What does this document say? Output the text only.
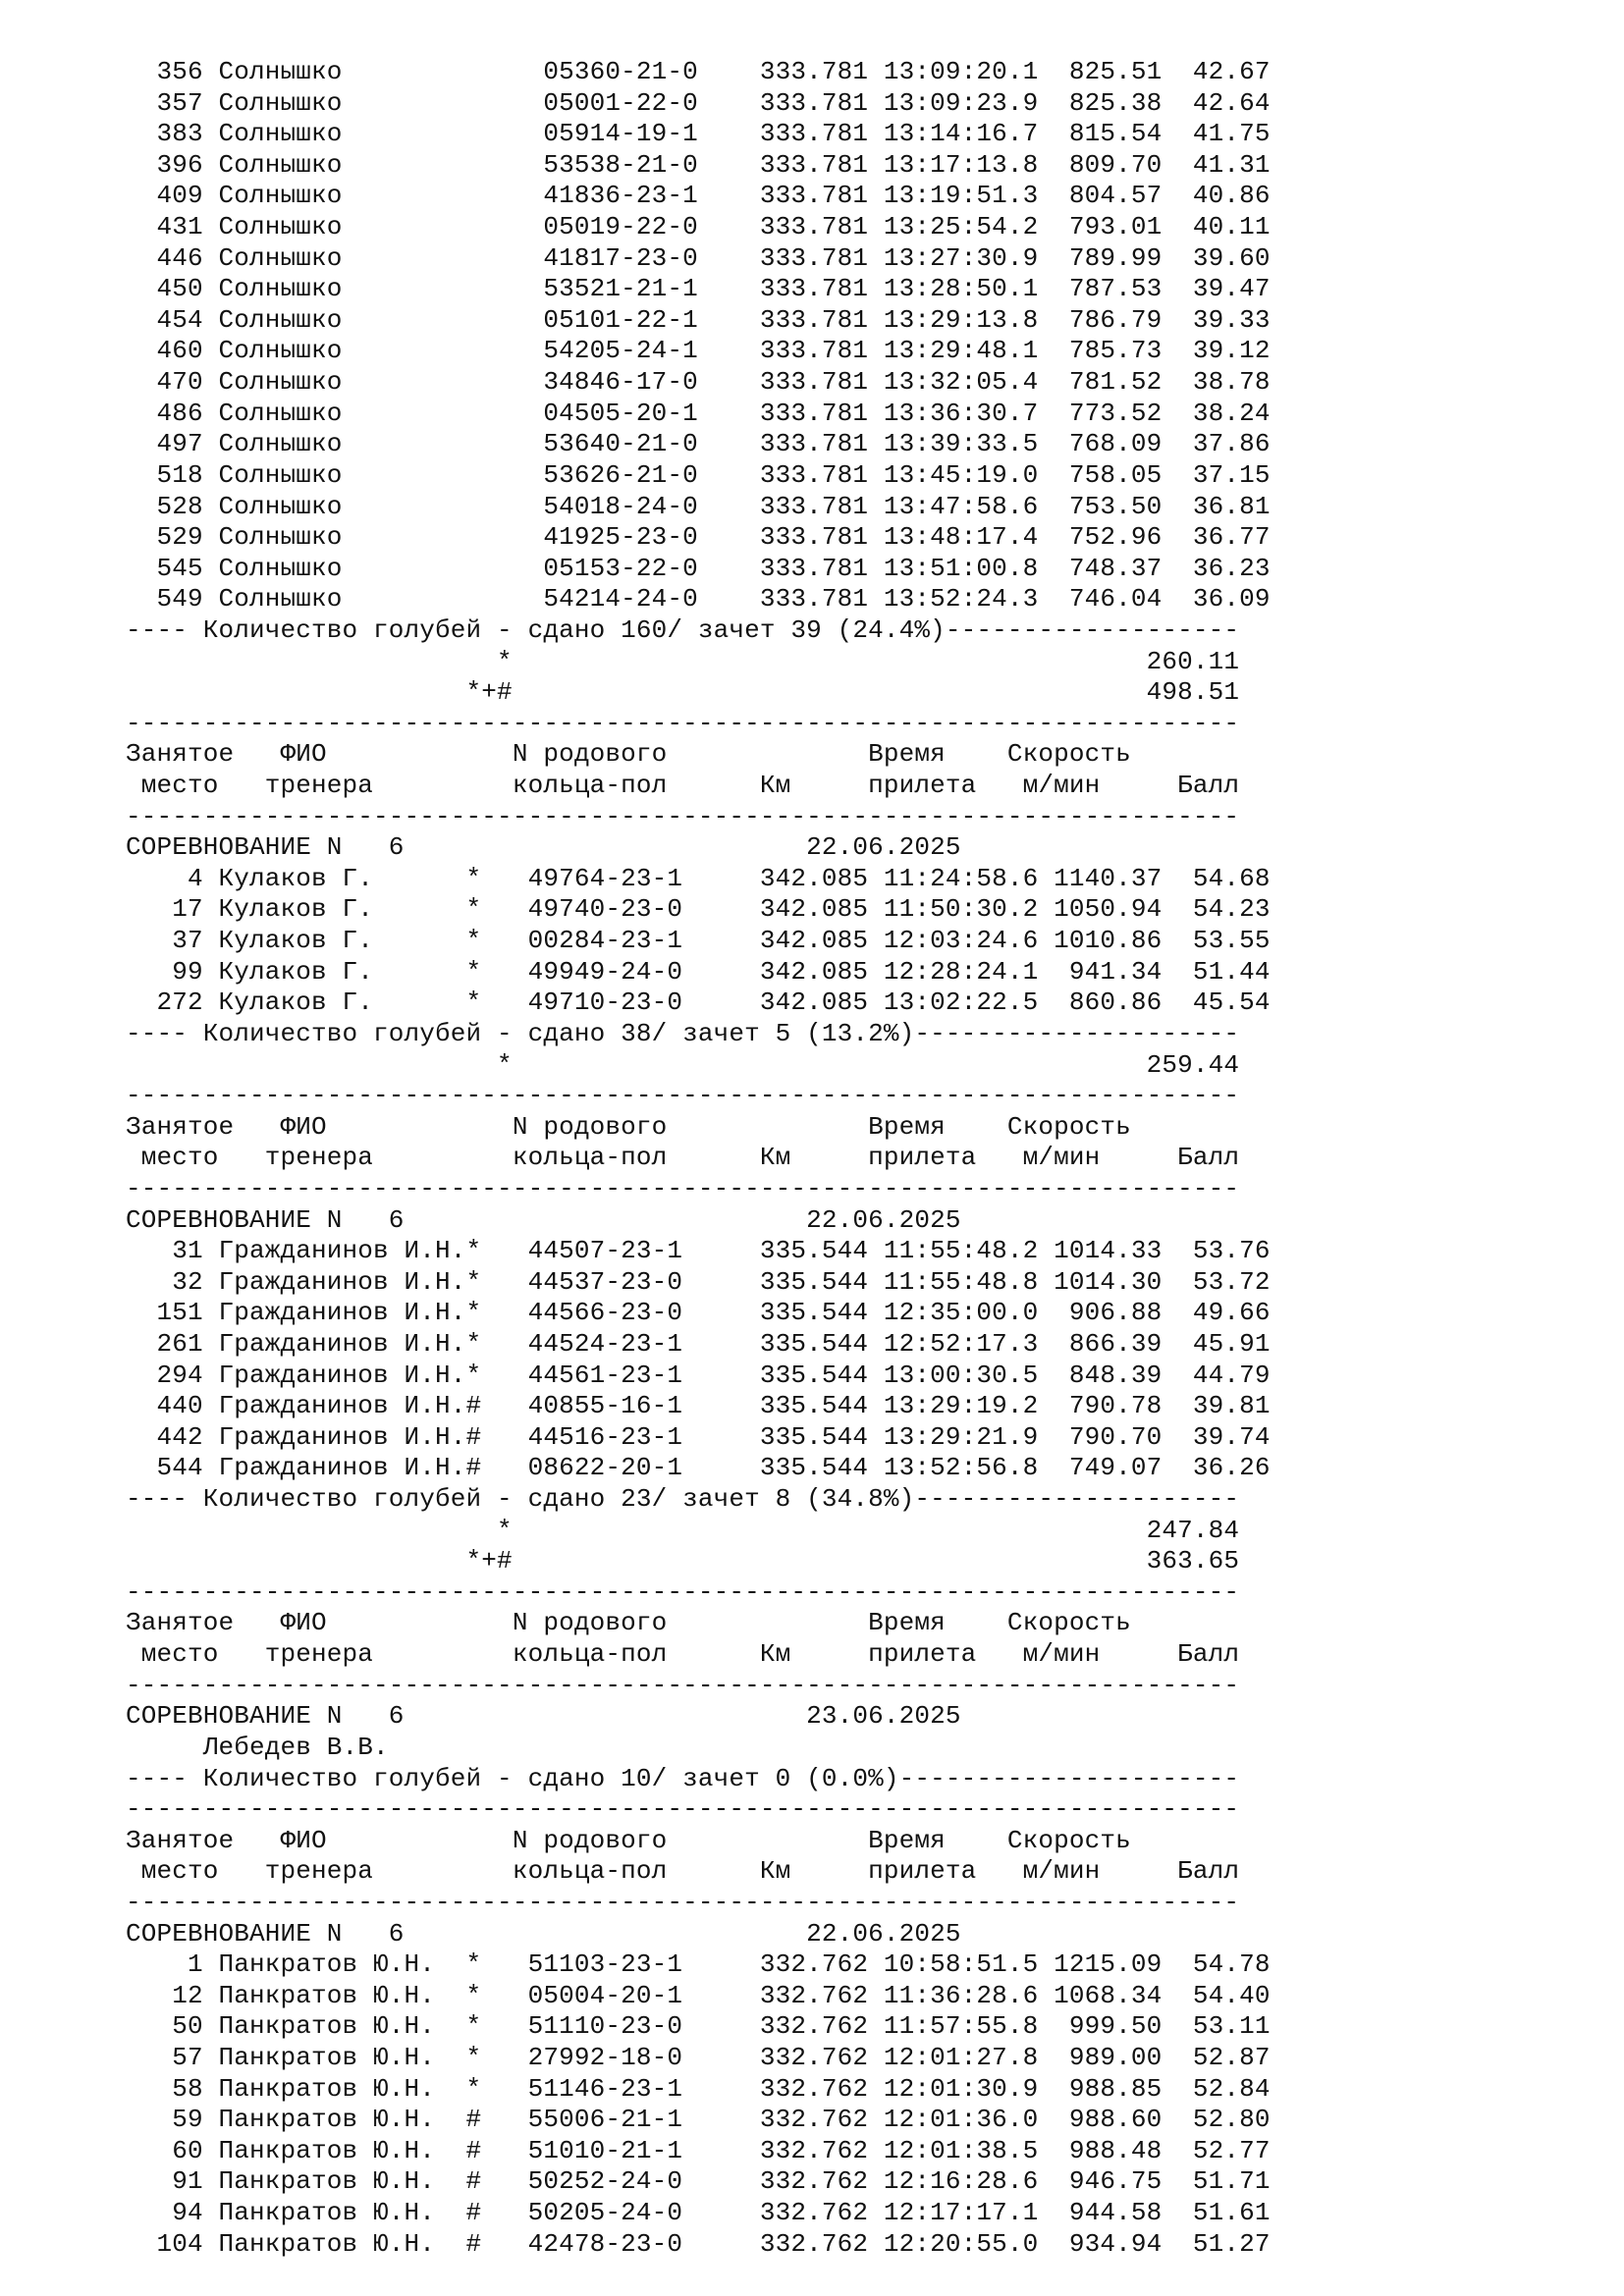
356 Солнышко             05360-21-0    333.781 13:09:20.1  825.51  42.67
357 Солнышко             05001-22-0    333.781 13:09:23.9  825.38  42.64
383 Солнышко             05914-19-1    333.781 13:14:16.7  815.54  41.75
396 Солнышко             53538-21-0    333.781 13:17:13.8  809.70  41.31
409 Солнышко             41836-23-1    333.781 13:19:51.3  804.57  40.86
431 Солнышко             05019-22-0    333.781 13:25:54.2  793.01  40.11
446 Солнышко             41817-23-0    333.781 13:27:30.9  789.99  39.60
450 Солнышко             53521-21-1    333.781 13:28:50.1  787.53  39.47
454 Солнышко             05101-22-1    333.781 13:29:13.8  786.79  39.33
460 Солнышко             54205-24-1    333.781 13:29:48.1  785.73  39.12
470 Солнышко             34846-17-0    333.781 13:32:05.4  781.52  38.78
486 Солнышко             04505-20-1    333.781 13:36:30.7  773.52  38.24
497 Солнышко             53640-21-0    333.781 13:39:33.5  768.09  37.86
518 Солнышко             53626-21-0    333.781 13:45:19.0  758.05  37.15
528 Солнышко             54018-24-0    333.781 13:47:58.6  753.50  36.81
529 Солнышко             41925-23-0    333.781 13:48:17.4  752.96  36.77
545 Солнышко             05153-22-0    333.781 13:51:00.8  748.37  36.23
549 Солнышко             54214-24-0    333.781 13:52:24.3  746.04  36.09
---- Количество голубей - сдано 160/ зачет 39 (24.4%)-------------------
*                                         260.11
*+#                                         498.51
------------------------------------------------------------------------
Занятое   ФИО            N родового             Время    Скорость
место   тренера         кольца-пол      Км     прилета   м/мин     Балл
------------------------------------------------------------------------
СОРЕВНОВАНИЕ N   6                          22.06.2025
4 Кулаков Г.      *   49764-23-1     342.085 11:24:58.6 1140.37  54.68
17 Кулаков Г.      *   49740-23-0     342.085 11:50:30.2 1050.94  54.23
37 Кулаков Г.      *   00284-23-1     342.085 12:03:24.6 1010.86  53.55
99 Кулаков Г.      *   49949-24-0     342.085 12:28:24.1  941.34  51.44
272 Кулаков Г.      *   49710-23-0     342.085 13:02:22.5  860.86  45.54
---- Количество голубей - сдано 38/ зачет 5 (13.2%)---------------------
*                                         259.44
------------------------------------------------------------------------
Занятое   ФИО            N родового             Время    Скорость
место   тренера         кольца-пол      Км     прилета   м/мин     Балл
------------------------------------------------------------------------
СОРЕВНОВАНИЕ N   6                          22.06.2025
31 Гражданинов И.Н.*   44507-23-1     335.544 11:55:48.2 1014.33  53.76
32 Гражданинов И.Н.*   44537-23-0     335.544 11:55:48.8 1014.30  53.72
151 Гражданинов И.Н.*   44566-23-0     335.544 12:35:00.0  906.88  49.66
261 Гражданинов И.Н.*   44524-23-1     335.544 12:52:17.3  866.39  45.91
294 Гражданинов И.Н.*   44561-23-1     335.544 13:00:30.5  848.39  44.79
440 Гражданинов И.Н.#   40855-16-1     335.544 13:29:19.2  790.78  39.81
442 Гражданинов И.Н.#   44516-23-1     335.544 13:29:21.9  790.70  39.74
544 Гражданинов И.Н.#   08622-20-1     335.544 13:52:56.8  749.07  36.26
---- Количество голубей - сдано 23/ зачет 8 (34.8%)---------------------
*                                         247.84
*+#                                         363.65
------------------------------------------------------------------------
Занятое   ФИО            N родового             Время    Скорость
место   тренера         кольца-пол      Км     прилета   м/мин     Балл
------------------------------------------------------------------------
СОРЕВНОВАНИЕ N   6                          23.06.2025
Лебедев В.В.
---- Количество голубей - сдано 10/ зачет 0 (0.0%)----------------------
------------------------------------------------------------------------
Занятое   ФИО            N родового             Время    Скорость
место   тренера         кольца-пол      Км     прилета   м/мин     Балл
------------------------------------------------------------------------
СОРЕВНОВАНИЕ N   6                          22.06.2025
1 Панкратов Ю.Н.  *   51103-23-1     332.762 10:58:51.5 1215.09  54.78
12 Панкратов Ю.Н.  *   05004-20-1     332.762 11:36:28.6 1068.34  54.40
50 Панкратов Ю.Н.  *   51110-23-0     332.762 11:57:55.8  999.50  53.11
57 Панкратов Ю.Н.  *   27992-18-0     332.762 12:01:27.8  989.00  52.87
58 Панкратов Ю.Н.  *   51146-23-1     332.762 12:01:30.9  988.85  52.84
59 Панкратов Ю.Н.  #   55006-21-1     332.762 12:01:36.0  988.60  52.80
60 Панкратов Ю.Н.  #   51010-21-1     332.762 12:01:38.5  988.48  52.77
91 Панкратов Ю.Н.  #   50252-24-0     332.762 12:16:28.6  946.75  51.71
94 Панкратов Ю.Н.  #   50205-24-0     332.762 12:17:17.1  944.58  51.61
104 Панкратов Ю.Н.  #   42478-23-0     332.762 12:20:55.0  934.94  51.27
